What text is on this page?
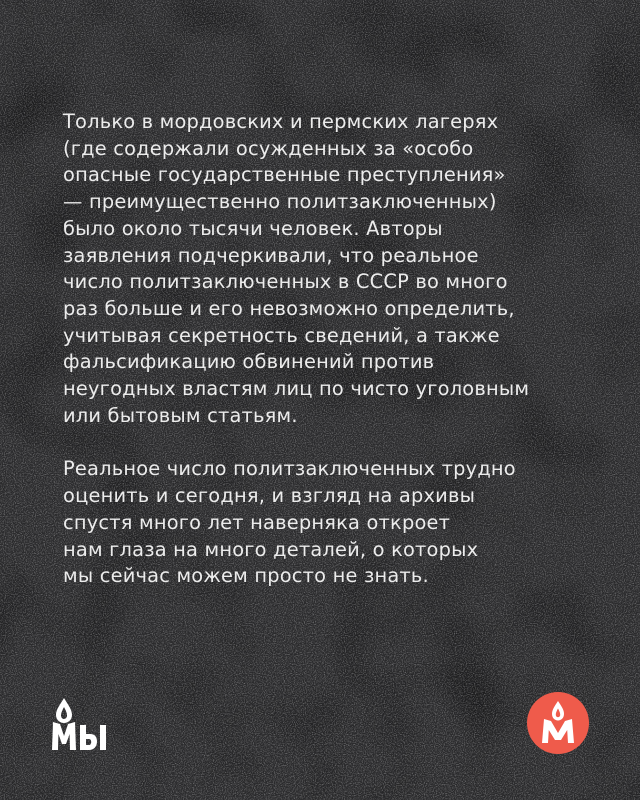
Только в мордовских и пермских лагерях
(где содержали осужденных за «особо
опасные государственные преступления»
— преимущественно политзаключенных)
было около тысячи человек. Авторы
заявления подчеркивали, что реальное
число политзаключенных в СССР во много
раз больше и его невозможно определить,
учитывая секретность сведений, а также
фальсификацию обвинений против
неугодных властям лиц по чисто уголовным
или бытовым статьям.

Реальное число политзаключенных трудно
оценить и сегодня, и взгляд на архивы
спустя много лет наверняка откроет
нам глаза на много деталей, о которых
мы сейчас можем просто не знать.
